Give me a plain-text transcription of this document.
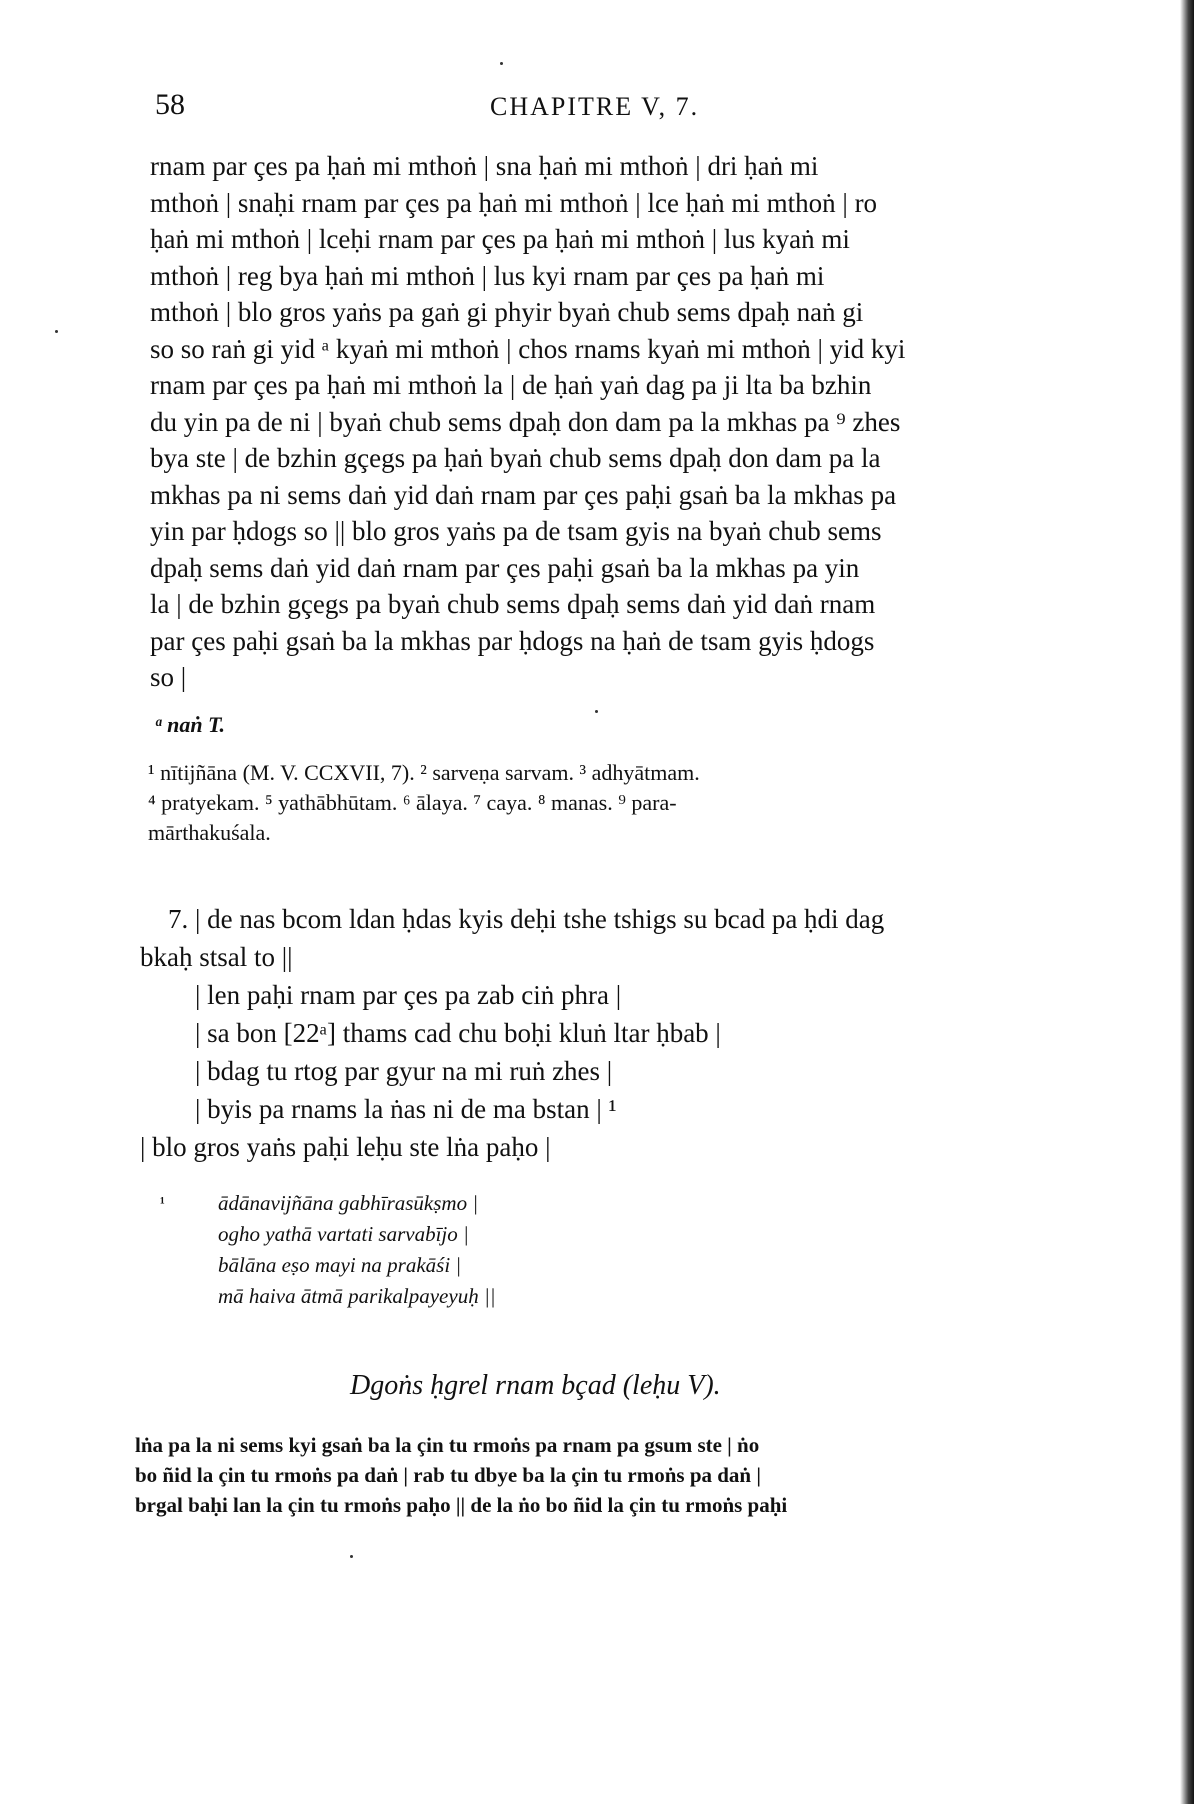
58	CHAPITRE V, 7.
rnam par çes pa ḥaṅ mi mthoṅ | sna ḥaṅ mi mthoṅ | dri ḥaṅ mi
mthoṅ | snaḥi rnam par çes pa ḥaṅ mi mthoṅ | lce ḥaṅ mi mthoṅ | ro
ḥaṅ mi mthoṅ | lceḥi rnam par çes pa ḥaṅ mi mthoṅ | lus kyaṅ mi
mthoṅ | reg bya ḥaṅ mi mthoṅ | lus kyi rnam par çes pa ḥaṅ mi
mthoṅ | blo gros yaṅs pa gaṅ gi phyir byaṅ chub sems dpaḥ naṅ gi
so so raṅ gi yid ᵃ kyaṅ mi mthoṅ | chos rnams kyaṅ mi mthoṅ | yid kyi
rnam par çes pa ḥaṅ mi mthoṅ la | de ḥaṅ yaṅ dag pa ji lta ba bzhin
du yin pa de ni | byaṅ chub sems dpaḥ don dam pa la mkhas pa ⁹ zhes
bya ste | de bzhin gçegs pa ḥaṅ byaṅ chub sems dpaḥ don dam pa la
mkhas pa ni sems daṅ yid daṅ rnam par çes paḥi gsaṅ ba la mkhas pa
yin par ḥdogs so || blo gros yaṅs pa de tsam gyis na byaṅ chub sems
dpaḥ sems daṅ yid daṅ rnam par çes paḥi gsaṅ ba la mkhas pa yin
la | de bzhin gçegs pa byaṅ chub sems dpaḥ sems daṅ yid daṅ rnam
par çes paḥi gsaṅ ba la mkhas par ḥdogs na ḥaṅ de tsam gyis ḥdogs
so |
ᵃ naṅ T.
¹ nītijñāna (M. V. CCXVII, 7). ² sarveṇa sarvam. ³ adhyātmam.
⁴ pratyekam. ⁵ yathābhūtam. ⁶ ālaya. ⁷ caya. ⁸ manas. ⁹ para-
mārthakuśala.
7. | de nas bcom ldan ḥdas kyis deḥi tshe tshigs su bcad pa ḥdi dag
bkaḥ stsal to ||
| len paḥi rnam par çes pa zab ciṅ phra |
| sa bon [22ᵃ] thams cad chu boḥi kluṅ ltar ḥbab |
| bdag tu rtog par gyur na mi ruṅ zhes |
| byis pa rnams la ṅas ni de ma bstan | ¹
| blo gros yaṅs paḥi leḥu ste lṅa paḥo |
¹	ādānavijñāna gabhīrasūkṣmo |
ogho yathā vartati sarvabījo |
bālāna eṣo mayi na prakāśi |
mā haiva ātmā parikalpayeyuḥ ||
Dgoṅs ḥgrel rnam bçad (leḥu V).
lṅa pa la ni sems kyi gsaṅ ba la çin tu rmoṅs pa rnam pa gsum ste | ṅo
bo ñid la çin tu rmoṅs pa daṅ | rab tu dbye ba la çin tu rmoṅs pa daṅ |
brgal baḥi lan la çin tu rmoṅs paḥo || de la ṅo bo ñid la çin tu rmoṅs paḥi
